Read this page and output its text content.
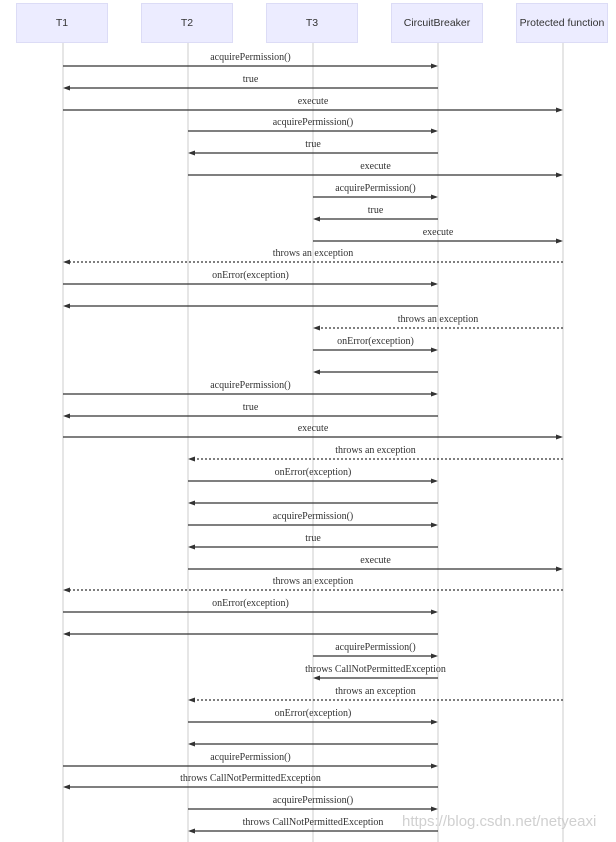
T1	T2	T3	CircuitBreaker	Protected function
acquirePermission()
true
execute
acquirePermission()
true
execute
acquirePermission()
true
execute
throws an exception
onError(exception)
throws an exception
onError(exception)
acquirePermission()
true
execute
throws an exception
onError(exception)
acquirePermission()
true
execute
throws an exception
onError(exception)
acquirePermission()
throws CallNotPermittedException
throws an exception
onError(exception)
acquirePermission()
throws CallNotPermittedException
acquirePermission()
throws CallNotPermittedException https://blog.csdn.net/netyeaxi
